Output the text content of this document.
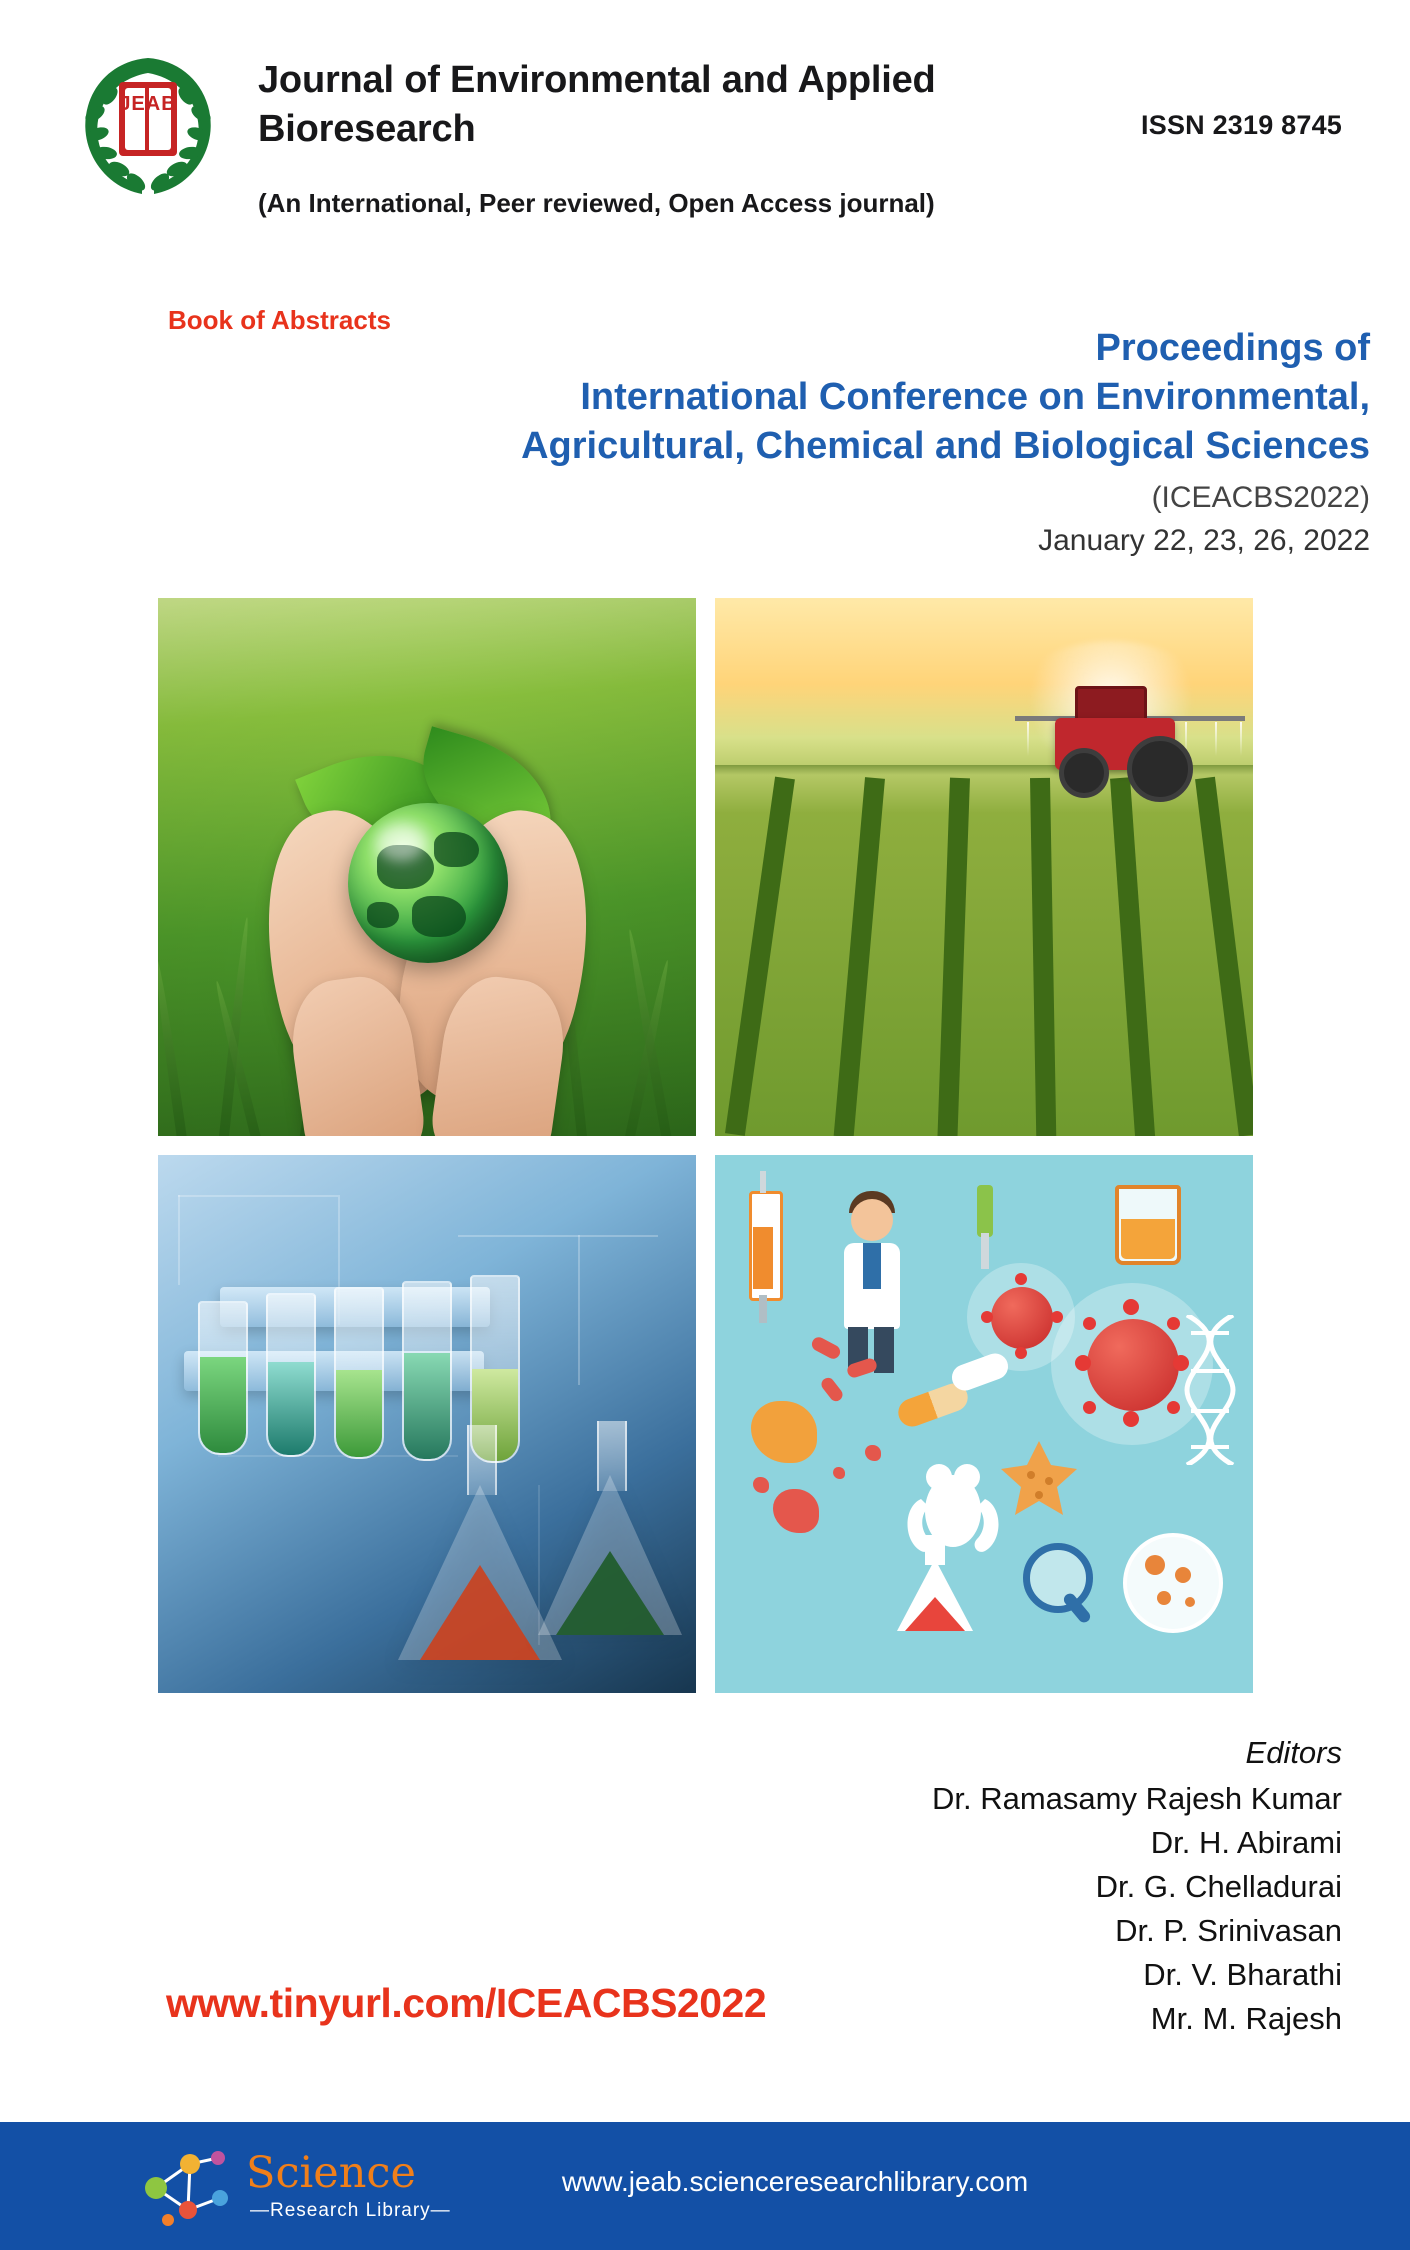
JEAB
Journal of Environmental and Applied Bioresearch
(An International, Peer reviewed, Open Access journal)
ISSN 2319 8745
Book of Abstracts
Proceedings of
International Conference on Environmental,
Agricultural, Chemical and Biological Sciences
(ICEACBS2022)
January 22, 23, 26, 2022
Editors
Dr. Ramasamy Rajesh Kumar
Dr. H. Abirami
Dr. G. Chelladurai
Dr. P. Srinivasan
Dr. V. Bharathi
Mr. M. Rajesh
www.tinyurl.com/ICEACBS2022
Science
—Research Library—
www.jeab.scienceresearchlibrary.com
